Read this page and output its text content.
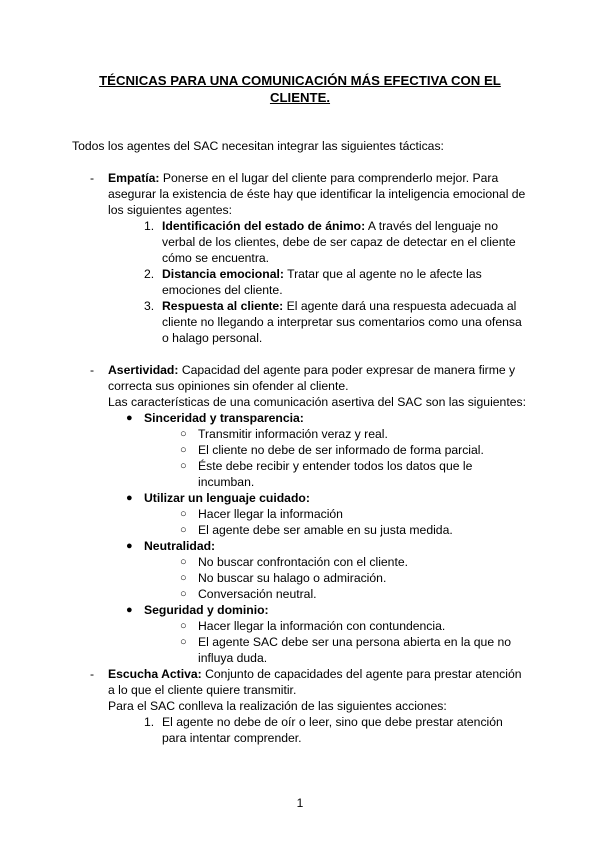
TÉCNICAS PARA UNA COMUNICACIÓN MÁS EFECTIVA CON EL
CLIENTE.
Todos los agentes del SAC necesitan integrar las siguientes tácticas:
- Empatía: Ponerse en el lugar del cliente para comprenderlo mejor. Para asegurar la existencia de éste hay que identificar la inteligencia emocional de los siguientes agentes:

1. Identificación del estado de ánimo: A través del lenguaje no verbal de los clientes, debe de ser capaz de detectar en el cliente cómo se encuentra.
2. Distancia emocional: Tratar que al agente no le afecte las emociones del cliente.
3. Respuesta al cliente: El agente dará una respuesta adecuada al cliente no llegando a interpretar sus comentarios como una ofensa o halago personal.
- Asertividad: Capacidad del agente para poder expresar de manera firme y correcta sus opiniones sin ofender al cliente.

Las características de una comunicación asertiva del SAC son las siguientes:

● Sinceridad y transparencia:
○ Transmitir información veraz y real.
○ El cliente no debe de ser informado de forma parcial.
○ Éste debe recibir y entender todos los datos que le incumban.
● Utilizar un lenguaje cuidado:
○ Hacer llegar la información
○ El agente debe ser amable en su justa medida.
● Neutralidad:
○ No buscar confrontación con el cliente.
○ No buscar su halago o admiración.
○ Conversación neutral.
● Seguridad y dominio:
○ Hacer llegar la información con contundencia.
○ El agente SAC debe ser una persona abierta en la que no influya duda.
- Escucha Activa: Conjunto de capacidades del agente para prestar atención a lo que el cliente quiere transmitir.

Para el SAC conlleva la realización de las siguientes acciones:

1. El agente no debe de oír o leer, sino que debe prestar atención para intentar comprender.
1
